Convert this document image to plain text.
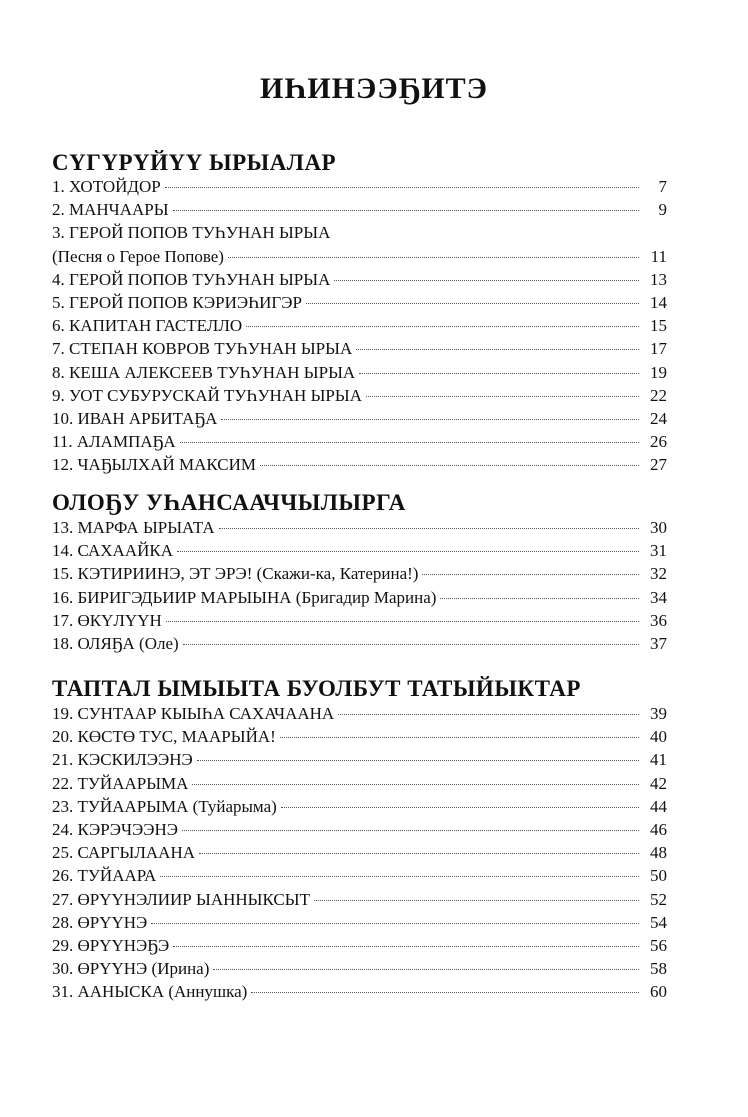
ИҺИНЭЭҔИТЭ
СҮГҮРҮЙҮҮ ЫРЫАЛАР
1. ХОТОЙДОР	7
2. МАНЧААРЫ	9
3. ГЕРОЙ ПОПОВ ТУҺУНАН ЫРЫА
(Песня о Герое Попове)	11
4. ГЕРОЙ ПОПОВ ТУҺУНАН ЫРЫА	13
5. ГЕРОЙ ПОПОВ КЭРИЭҺИГЭР	14
6. КАПИТАН ГАСТЕЛЛО	15
7. СТЕПАН КОВРОВ ТУҺУНАН ЫРЫА	17
8. КЕША АЛЕКСЕЕВ ТУҺУНАН ЫРЫА	19
9. УОТ СУБУРУСКАЙ ТУҺУНАН ЫРЫА	22
10. ИВАН АРБИТАҔА	24
11. АЛАМПАҔА	26
12. ЧАҔЫЛХАЙ МАКСИМ	27
ОЛОҔУ УҺАНСААЧЧЫЛЫРГА
13. МАРФА ЫРЫАТА	30
14. САХААЙКА	31
15. КЭТИРИИНЭ, ЭТ ЭРЭ! (Скажи-ка, Катерина!)	32
16. БИРИГЭДЬИИР МАРЫЫНА (Бригадир Марина)	34
17. ӨКҮЛҮҮН	36
18. ОЛЯҔА (Оле)	37
ТАПТАЛ ЫМЫЫТА БУОЛБУТ ТАТЫЙЫКТАР
19. СУНТААР КЫЫҺА САХАЧААНА	39
20. КӨСТӨ ТУС, МААРЫЙА!	40
21. КЭСКИЛЭЭНЭ	41
22. ТУЙААРЫМА	42
23. ТУЙААРЫМА (Туйарыма)	44
24. КЭРЭЧЭЭНЭ	46
25. САРГЫЛААНА	48
26. ТУЙААРА	50
27. ӨРҮҮНЭЛИИР ЫАННЫКСЫТ	52
28. ӨРҮҮНЭ	54
29. ӨРҮҮНЭҔЭ	56
30. ӨРҮҮНЭ (Ирина)	58
31. ААНЫСКА (Аннушка)	60
